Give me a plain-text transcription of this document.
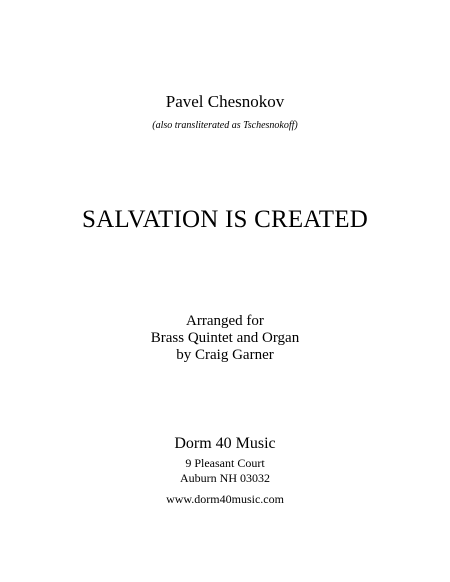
Pavel Chesnokov
(also transliterated as Tschesnokoff)
SALVATION IS CREATED
Arranged for
Brass Quintet and Organ
by Craig Garner
Dorm 40 Music
9 Pleasant Court
Auburn NH 03032
www.dorm40music.com
